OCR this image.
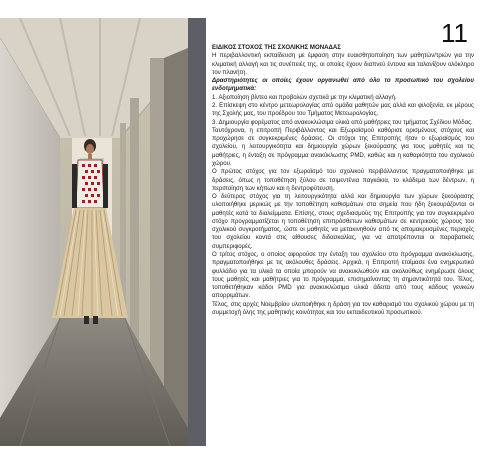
11

ΕΙΔΙΚΟΣ ΣΤΟΧΟΣ ΤΗΣ ΣΧΟΛΙΚΗΣ ΜΟΝΑΔΑΣ

Η περιβαλλοντική εκπαίδευση με έμφαση στην ευαισθητοποίηση των μαθητών/τριών για την κλιματική αλλαγή και τις συνέπειές της, οι οποίες έχουν διαπνεύ έντονα και ταλανίζουν ολόκληρο τον πλανήτη.

Δραστηριότητες οι οποίες έχουν οργανωθεί από όλο το προσωπικό του σχολείου ενδοτμηματικά:

1. Αξιοποίηση βίντεο και προβολών σχετικά με την κλιματική αλλαγή.

2. Επίσκεψη στο κέντρο μετεωρολογίας από ομάδα μαθητών μας αλλά και φιλοξενία, εκ μέρους της Σχολής μας, του προέδρου του Τμήματος Μετεωρολογίας.

3. Δημιουργία φορέματος από ανακυκλώσιμα υλικά από μαθήτριες του τμήματος Σχέδιου Μόδας.

Ταυτόχρονα, η επιτροπή Περιβάλλοντος και Εξωραϊσμού καθόρισε ορισμένους στόχους και προχώρησε σε συγκεκριμένες δράσεις. Οι στόχοι της Επιτροπής ήταν ο εξωραϊσμός του σχολείου, η λειτουργικότητα και δημιουργία χώρων ξεκούρασης για τους μαθητές και τις μαθήτριες, η ένταξη σε πρόγραμμα ανακύκλωσης PMD, καθώς και η καθαριότητα του σχολικού χώρου.

Ο πρώτος στόχος για τον εξωραϊσμό του σχολικού περιβάλλοντος πραγματοποιήθηκε με δράσεις, όπως η τοποθέτηση ξύλου σε τσιμεντένια παγκάκια, το κλάδεμα των δέντρων, η περιποίηση των κήπων και η δεντροφύτευση.

Ο δεύτερος στόχος για τη λειτουργικότητα αλλά και δημιουργία των χώρων ξεκούρασης υλοποιήθηκε μερικώς με την τοποθέτηση καθισμάτων στα σημεία που ήδη ξεκουράζονται οι μαθητές κατά τα διαλείμματα. Επίσης, στους σχεδιασμούς της Επιτροπής για τον συγκεκριμένο στόχο προγραμματίζεται η τοποθέτηση επιπρόσθετων καθισμάτων σε κεντρικούς χώρους του σχολικού συγκροτήματος, ώστε οι μαθητές να μετακινηθούν από τις απομακρυσμένες περιοχές του σχολείου κοντά στις αίθουσες διδασκαλίας, για να αποτρέπονται οι παραβατικές συμπεριφορές.

Ο τρίτος στόχος, ο οποίος αφορούσε την ένταξη του σχολείου στο πρόγραμμα ανακύκλωσης, πραγματοποιήθηκε με τις ακόλουθες δράσεις. Αρχικά, η Επιτροπή ετοίμασε ένα ενημερωτικό φυλλάδιο για τα υλικά τα οποία μπορούν να ανακυκλωθούν και ακολούθως ενημέρωσε όλους τους μαθητές και μαθήτριες για το πρόγραμμα, επισημαίνοντας τη σημαντικότητά του. Τέλος, τοποθετήθηκαν κάδοι PMD για ανακυκλώσιμα υλικά άδειτα από τους κάδους γενικών απορριμάτων.

Τέλος, στις αρχές Νοεμβρίου υλοποιήθηκε η δράση για τον καθαρισμό του σχολικού χώρου με τη συμμετοχή όλης της μαθητικής κοινότητας και του εκπαιδευτικού προσωπικού.
